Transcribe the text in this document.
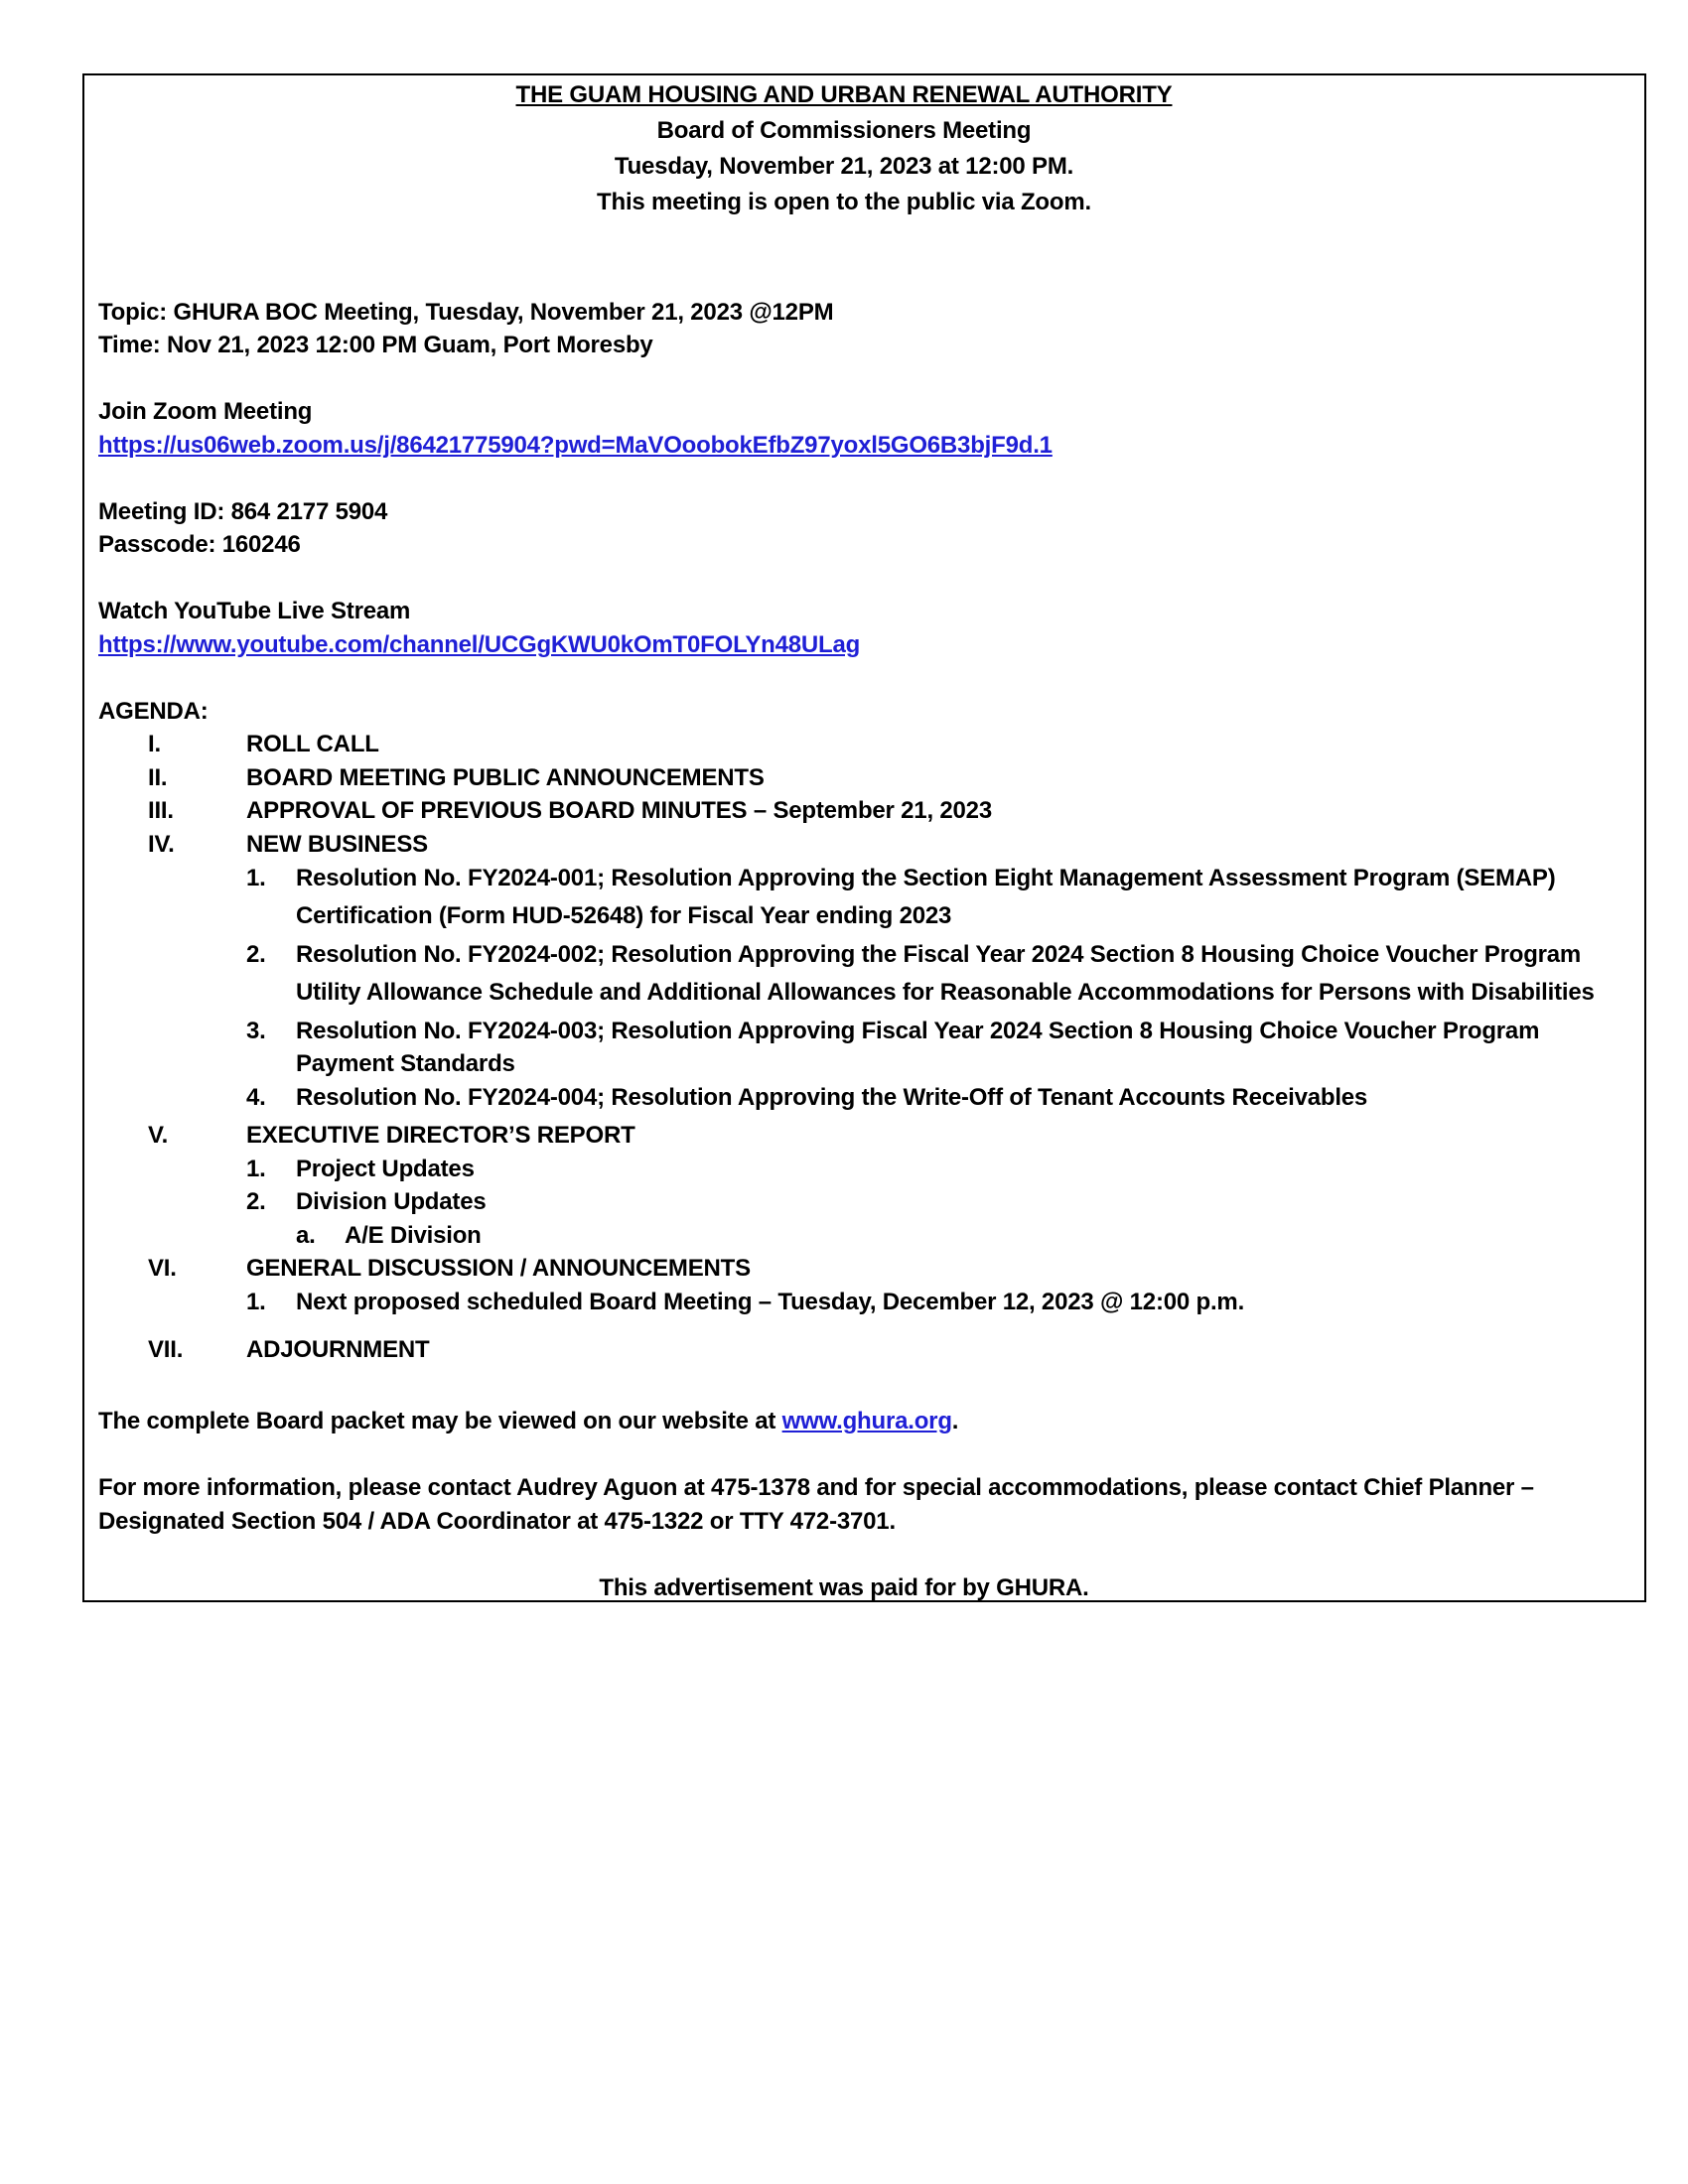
THE GUAM HOUSING AND URBAN RENEWAL AUTHORITY
Board of Commissioners Meeting
Tuesday, November 21, 2023 at 12:00 PM.
This meeting is open to the public via Zoom.
Topic: GHURA BOC Meeting, Tuesday, November 21, 2023 @12PM
Time: Nov 21, 2023 12:00 PM Guam, Port Moresby
Join Zoom Meeting
https://us06web.zoom.us/j/86421775904?pwd=MaVOoobokEfbZ97yoxl5GO6B3bjF9d.1
Meeting ID: 864 2177 5904
Passcode: 160246
Watch YouTube Live Stream
https://www.youtube.com/channel/UCGgKWU0kOmT0FOLYn48ULag
AGENDA:
I.	ROLL CALL
II.	BOARD MEETING PUBLIC ANNOUNCEMENTS
III.	APPROVAL OF PREVIOUS BOARD MINUTES – September 21, 2023
IV.	NEW BUSINESS
1. Resolution No. FY2024-001; Resolution Approving the Section Eight Management Assessment Program (SEMAP)
Certification (Form HUD-52648) for Fiscal Year ending 2023
2. Resolution No. FY2024-002; Resolution Approving the Fiscal Year 2024 Section 8 Housing Choice Voucher Program
Utility Allowance Schedule and Additional Allowances for Reasonable Accommodations for Persons with Disabilities
3. Resolution No. FY2024-003; Resolution Approving Fiscal Year 2024 Section 8 Housing Choice Voucher Program
Payment Standards
4. Resolution No. FY2024-004; Resolution Approving the Write-Off of Tenant Accounts Receivables
V.	EXECUTIVE DIRECTOR’S REPORT
1. Project Updates
2. Division Updates
a. A/E Division
VI.	GENERAL DISCUSSION / ANNOUNCEMENTS
1. Next proposed scheduled Board Meeting – Tuesday, December 12, 2023 @ 12:00 p.m.
VII.	ADJOURNMENT
The complete Board packet may be viewed on our website at www.ghura.org.
For more information, please contact Audrey Aguon at 475-1378 and for special accommodations, please contact Chief Planner –
Designated Section 504 / ADA Coordinator at 475-1322 or TTY 472-3701.
This advertisement was paid for by GHURA.
